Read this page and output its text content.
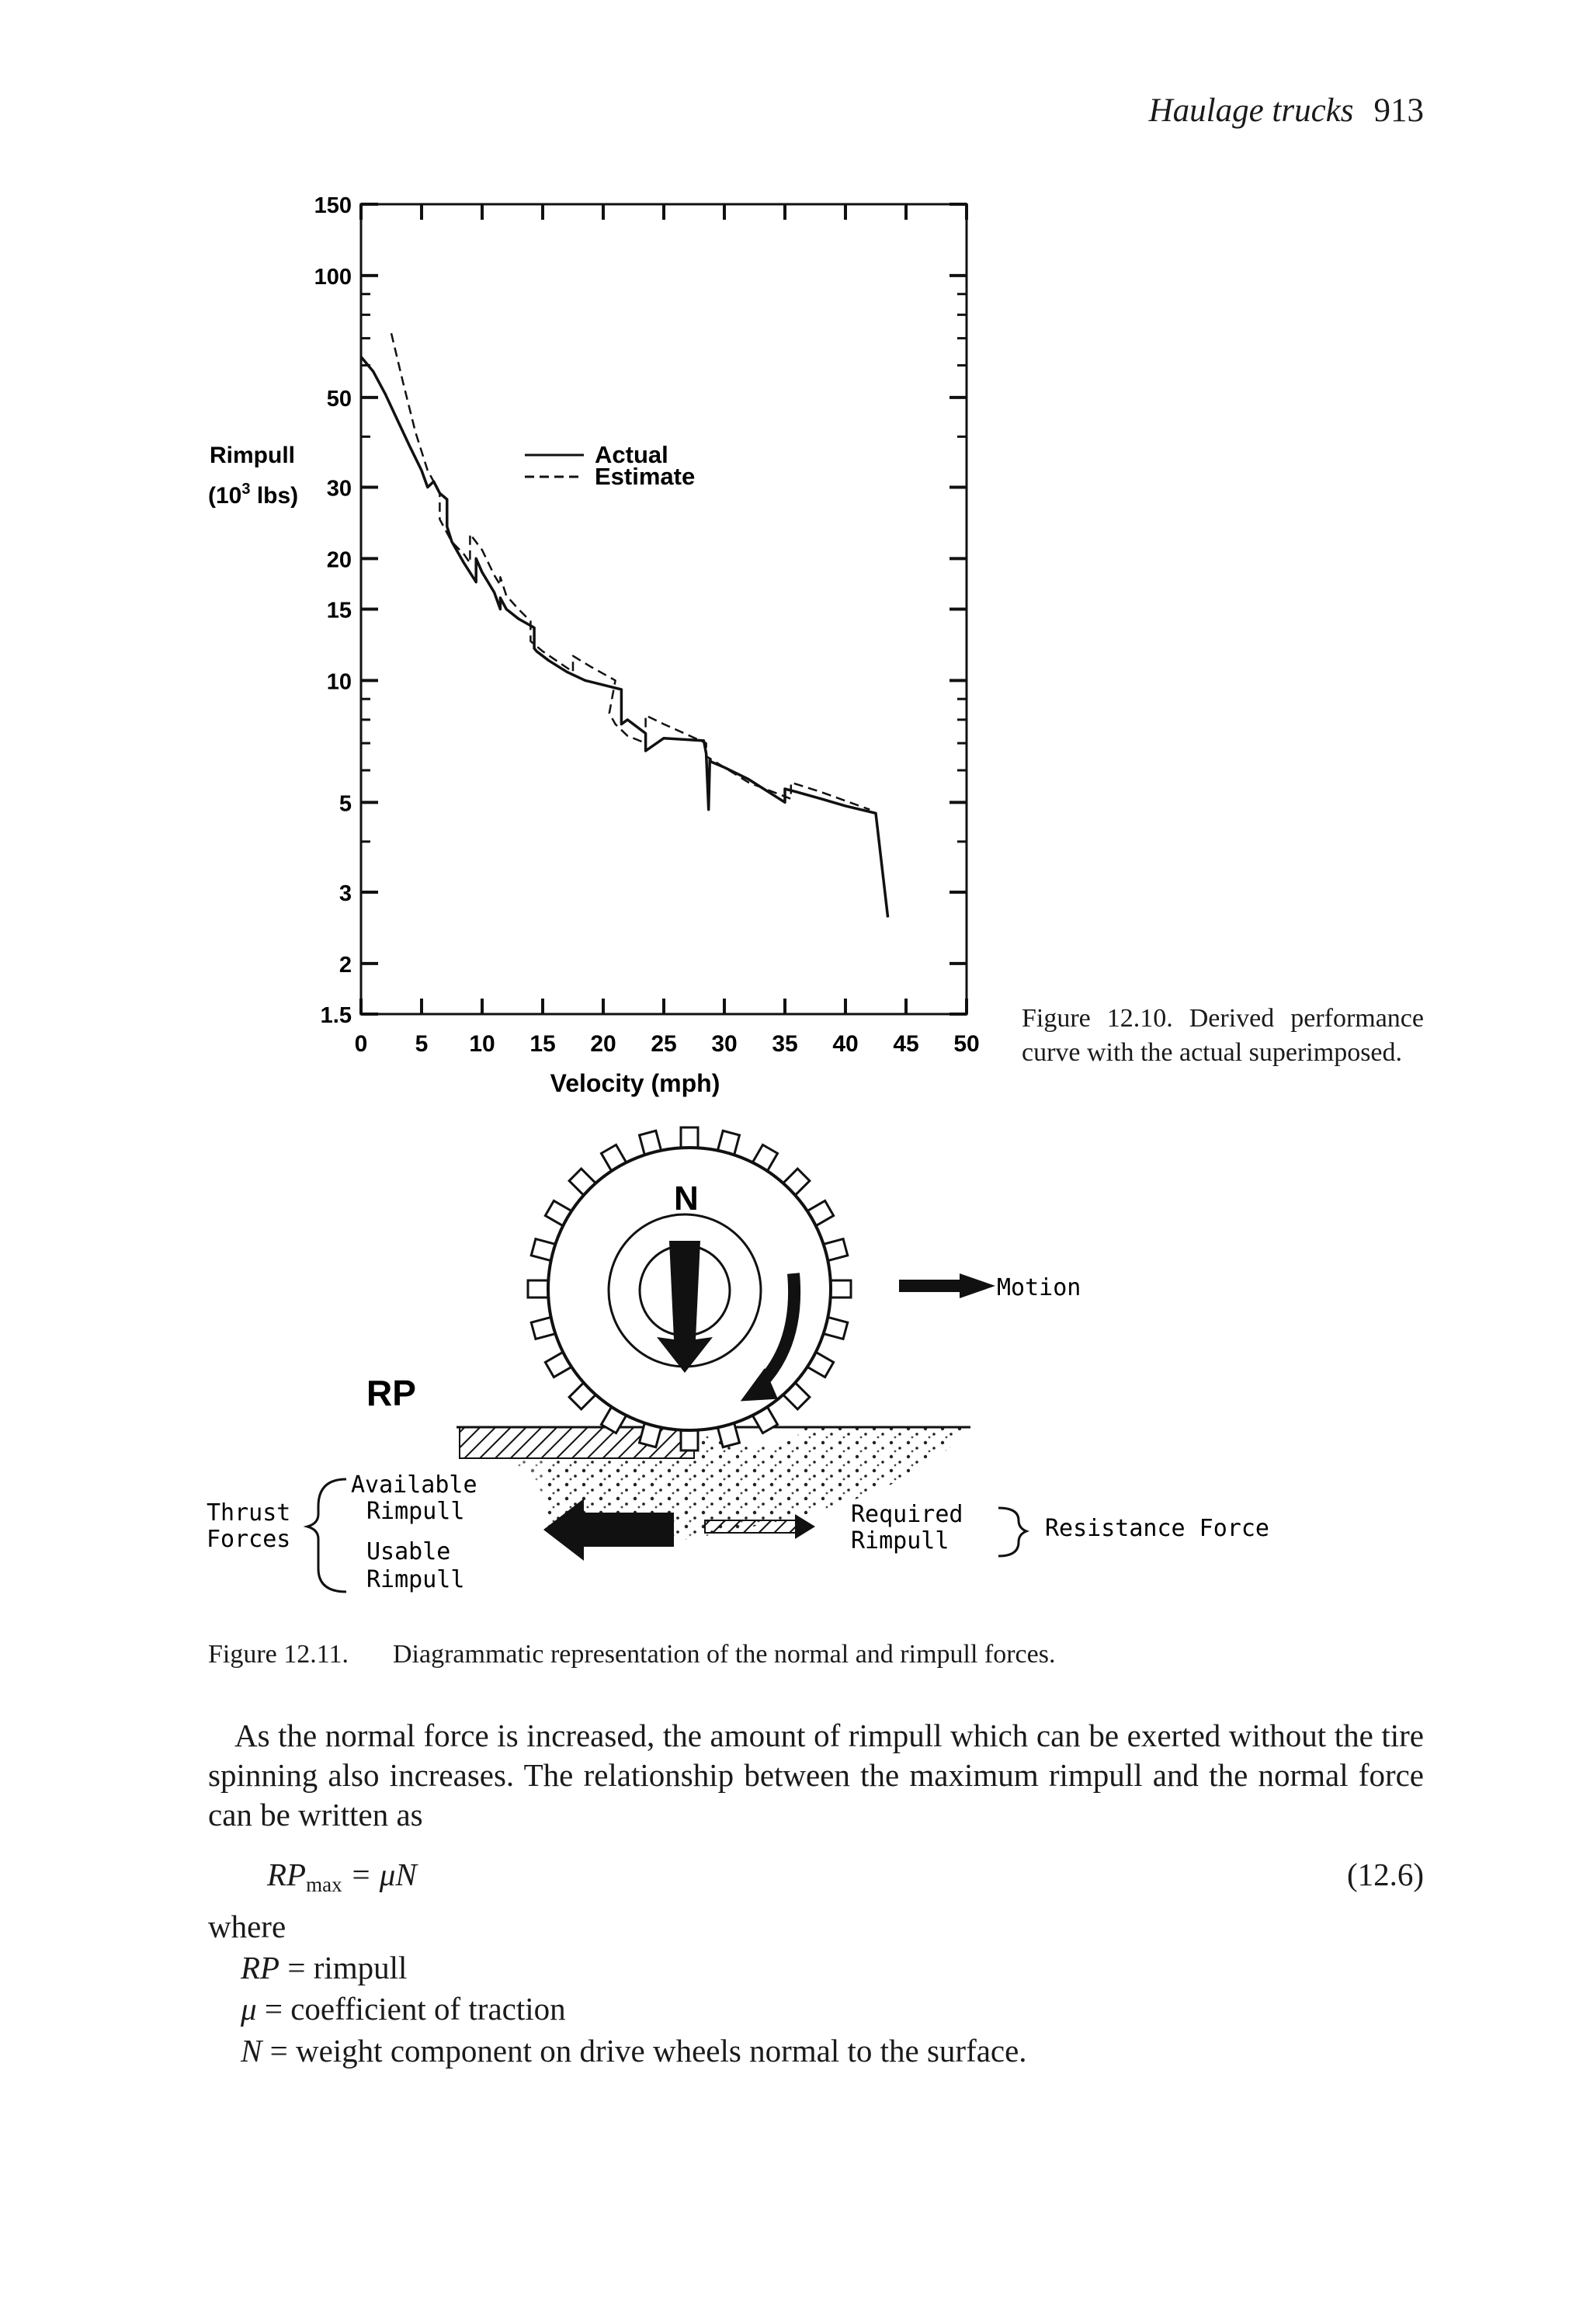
Haulage trucks 913
0 5 10 15 20 25 30 35 40 45 50
1.5
2
3
5
10
15
20
30
50
100
150
Actual
Estimate
Rimpull
($10^3$ lbs)
Velocity (mph)
Figure 12.10. Derived performance curve with the actual superimposed.
N
Motion
RP
Thrust
Forces
Available
Rimpull
Usable
Rimpull
Required
Rimpull	Resistance Force
Figure 12.11. Diagrammatic representation of the normal and rimpull forces.
As the normal force is increased, the amount of rimpull which can be exerted without the tire spinning also increases. The relationship between the maximum rimpull and the normal force can be written as
$RP_{max} = \mu N$	(12.6)
where
RP = rimpull
μ = coefficient of traction
N = weight component on drive wheels normal to the surface.
